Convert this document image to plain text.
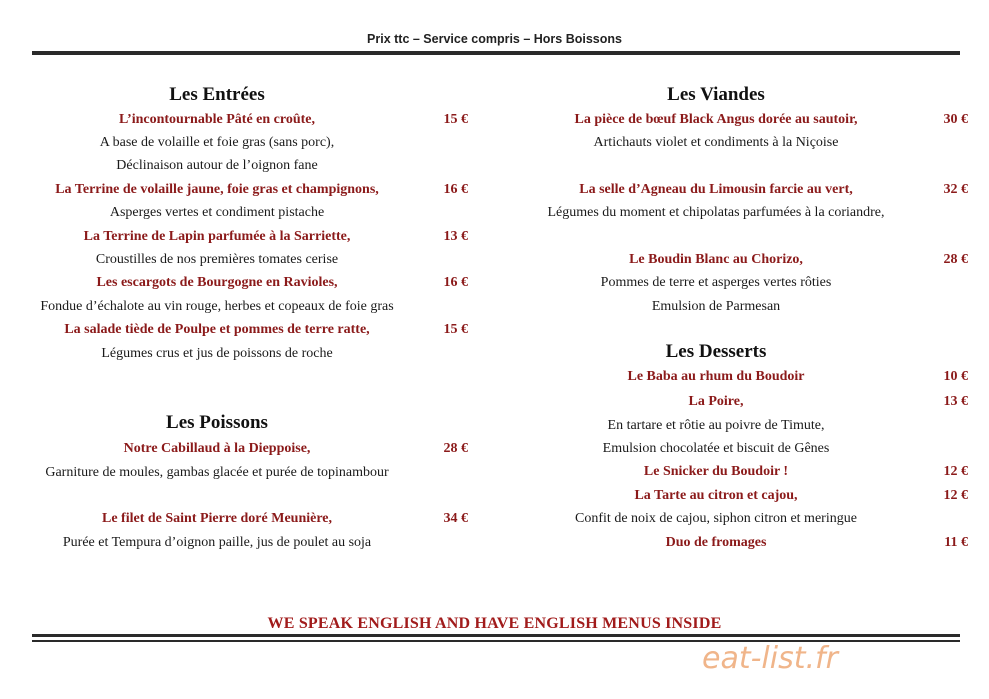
Prix ttc – Service compris – Hors Boissons
Les Entrées
L’incontournable Pâté en croûte,	15 €
A base de volaille et foie gras (sans porc),
Déclinaison autour de l’oignon fane
La Terrine de volaille jaune, foie gras et champignons,	16 €
Asperges vertes et condiment pistache
La Terrine de Lapin parfumée à la Sarriette,	13 €
Croustilles de nos premières tomates cerise
Les escargots de Bourgogne en Ravioles,	16 €
Fondue d’échalote au vin rouge, herbes et copeaux de foie gras
La salade tiède de Poulpe et pommes de terre ratte,	15 €
Légumes crus et jus de poissons de roche
Les Poissons
Notre Cabillaud à la Dieppoise,	28 €
Garniture de moules, gambas glacée et purée de topinambour
Le filet de Saint Pierre doré Meunière,	34 €
Purée et Tempura d’oignon paille, jus de poulet au soja
Les Viandes
La pièce de bœuf Black Angus dorée au sautoir,	30 €
Artichauts violet et condiments à la Niçoise
La selle d’Agneau du Limousin farcie au vert,	32 €
Légumes du moment et chipolatas parfumées à la coriandre,
Le Boudin Blanc au Chorizo,	28 €
Pommes de terre et asperges vertes rôties
Emulsion de Parmesan
Les Desserts
Le Baba au rhum du Boudoir	10 €
La Poire,	13 €
En tartare et rôtie au poivre de Timute,
Emulsion chocolatée et biscuit de Gênes
Le Snicker du Boudoir !	12 €
La Tarte au citron et cajou,	12 €
Confit de noix de cajou, siphon citron et meringue
Duo de fromages	11 €
WE SPEAK ENGLISH AND HAVE ENGLISH MENUS INSIDE
eat-list.fr
